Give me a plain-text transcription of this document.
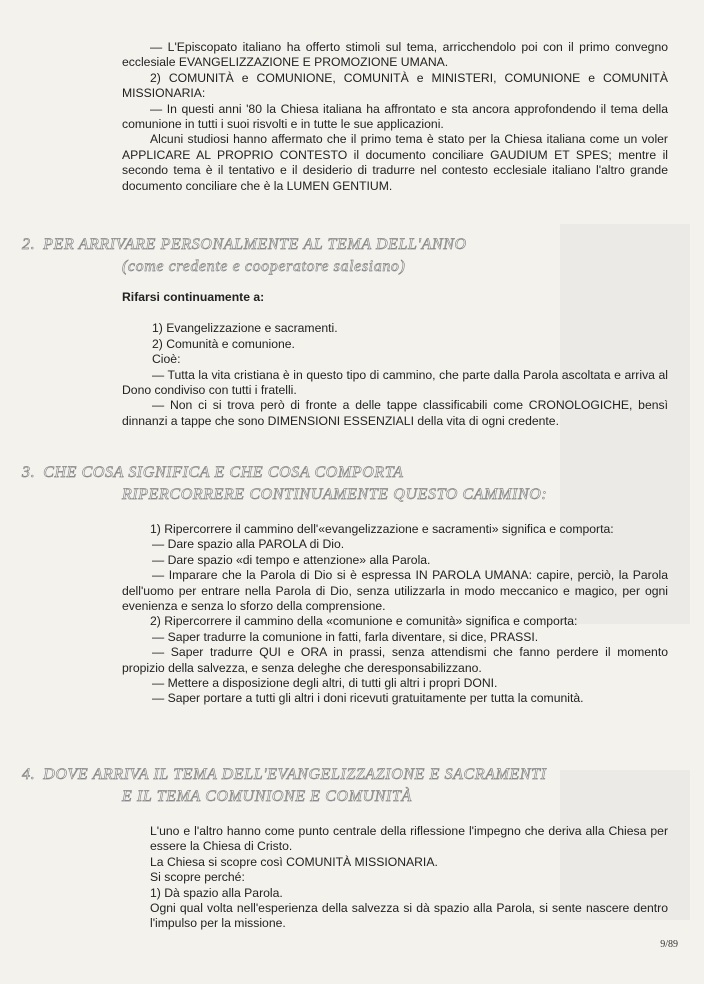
— L'Episcopato italiano ha offerto stimoli sul tema, arricchendolo poi con il primo convegno ecclesiale EVANGELIZZAZIONE E PROMOZIONE UMANA.

2) COMUNITÀ e COMUNIONE, COMUNITÀ e MINISTERI, COMUNIONE e COMUNITÀ MISSIONARIA:

— In questi anni '80 la Chiesa italiana ha affrontato e sta ancora approfondendo il tema della comunione in tutti i suoi risvolti e in tutte le sue applicazioni.

Alcuni studiosi hanno affermato che il primo tema è stato per la Chiesa italiana come un voler APPLICARE AL PROPRIO CONTESTO il documento conciliare GAUDIUM ET SPES; mentre il secondo tema è il tentativo e il desiderio di tradurre nel contesto ecclesiale italiano l'altro grande documento conciliare che è la LUMEN GENTIUM.

2. PER ARRIVARE PERSONALMENTE AL TEMA DELL'ANNO
(come credente e cooperatore salesiano)

Rifarsi continuamente a:

1) Evangelizzazione e sacramenti.

2) Comunità e comunione.

Cioè:

— Tutta la vita cristiana è in questo tipo di cammino, che parte dalla Parola ascoltata e arriva al Dono condiviso con tutti i fratelli.

— Non ci si trova però di fronte a delle tappe classificabili come CRONOLOGICHE, bensì dinnanzi a tappe che sono DIMENSIONI ESSENZIALI della vita di ogni credente.

3. CHE COSA SIGNIFICA E CHE COSA COMPORTA
RIPERCORRERE CONTINUAMENTE QUESTO CAMMINO:

1) Ripercorrere il cammino dell'«evangelizzazione e sacramenti» significa e comporta:

— Dare spazio alla PAROLA di Dio.

— Dare spazio «di tempo e attenzione» alla Parola.

— Imparare che la Parola di Dio si è espressa IN PAROLA UMANA: capire, perciò, la Parola dell'uomo per entrare nella Parola di Dio, senza utilizzarla in modo meccanico e magico, per ogni evenienza e senza lo sforzo della comprensione.

2) Ripercorrere il cammino della «comunione e comunità» significa e comporta:

— Saper tradurre la comunione in fatti, farla diventare, si dice, PRASSI.

— Saper tradurre QUI e ORA in prassi, senza attendismi che fanno perdere il momento propizio della salvezza, e senza deleghe che deresponsabilizzano.

— Mettere a disposizione degli altri, di tutti gli altri i propri DONI.

— Saper portare a tutti gli altri i doni ricevuti gratuitamente per tutta la comunità.

4. DOVE ARRIVA IL TEMA DELL'EVANGELIZZAZIONE E SACRAMENTI
E IL TEMA COMUNIONE E COMUNITÀ

L'uno e l'altro hanno come punto centrale della riflessione l'impegno che deriva alla Chiesa per essere la Chiesa di Cristo.

La Chiesa si scopre così COMUNITÀ MISSIONARIA.

Si scopre perché:

1) Dà spazio alla Parola.

Ogni qual volta nell'esperienza della salvezza si dà spazio alla Parola, si sente nascere dentro l'impulso per la missione.

9/89
